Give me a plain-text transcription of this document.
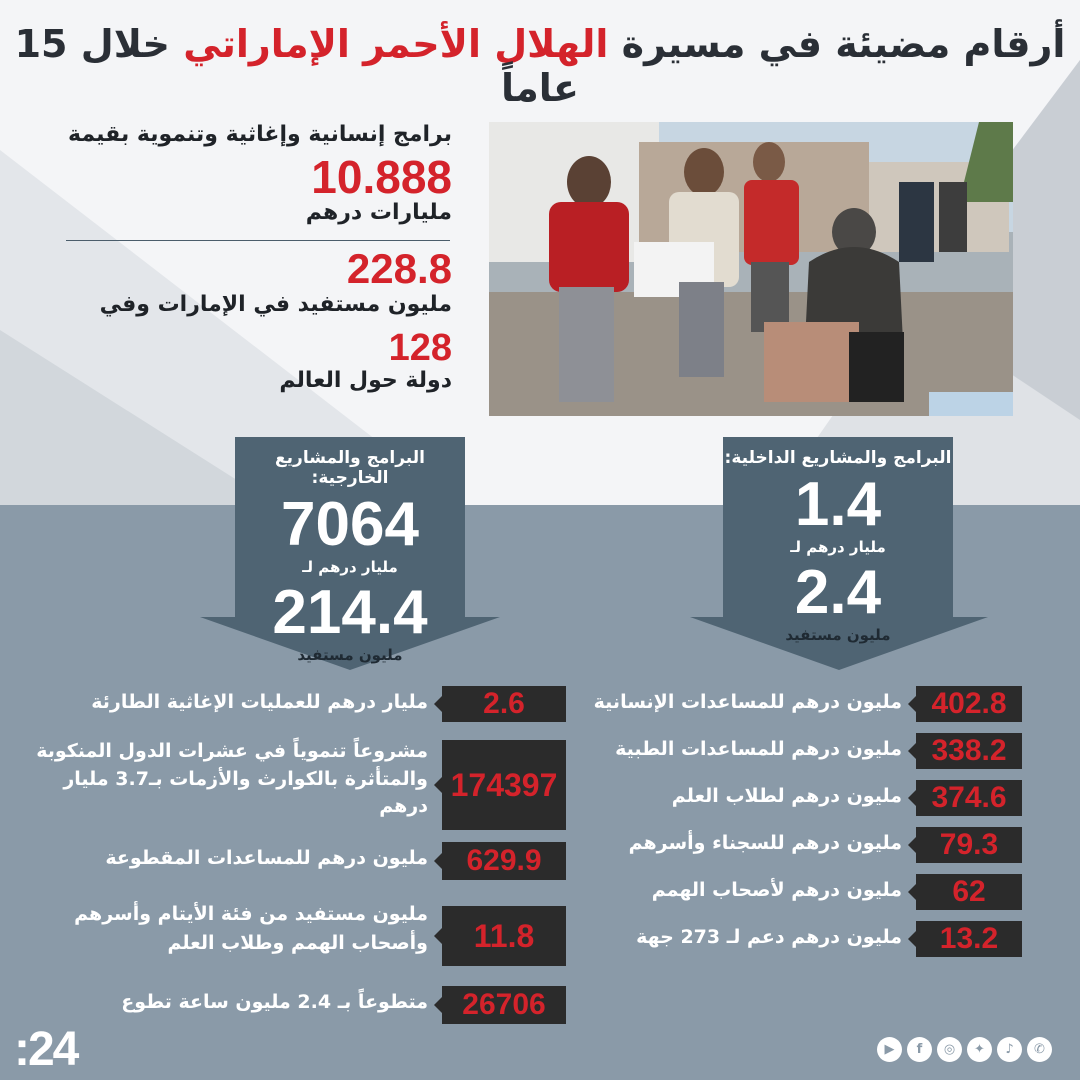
أرقام مضيئة في مسيرة الهلال الأحمر الإماراتي خلال 15 عاماً
برامج إنسانية وإغاثية وتنموية بقيمة
10.888
مليارات درهم
228.8
مليون مستفيد في الإمارات وفي
128
دولة حول العالم
البرامج والمشاريع الخارجية:
7064
مليار درهم لـ
214.4
مليون مستفيد
البرامج والمشاريع الداخلية:
1.4
مليار درهم لـ
2.4
مليون مستفيد
402.8
مليون درهم للمساعدات الإنسانية
338.2
مليون درهم للمساعدات الطبية
374.6
مليون درهم لطلاب العلم
79.3
مليون درهم للسجناء وأسرهم
62
مليون درهم لأصحاب الهمم
13.2
مليون درهم دعم لـ 273 جهة
2.6
مليار درهم للعمليات الإغاثية الطارئة
174397
مشروعاً تنموياً في عشرات الدول المنكوبة والمتأثرة بالكوارث والأزمات بـ3.7 مليار درهم
629.9
مليون درهم للمساعدات المقطوعة
11.8
مليون مستفيد من فئة الأيتام وأسرهم وأصحاب الهمم وطلاب العلم
26706
متطوعاً بـ 2.4 مليون ساعة تطوع
:24	▶	f	◎	✦	♪	✆
